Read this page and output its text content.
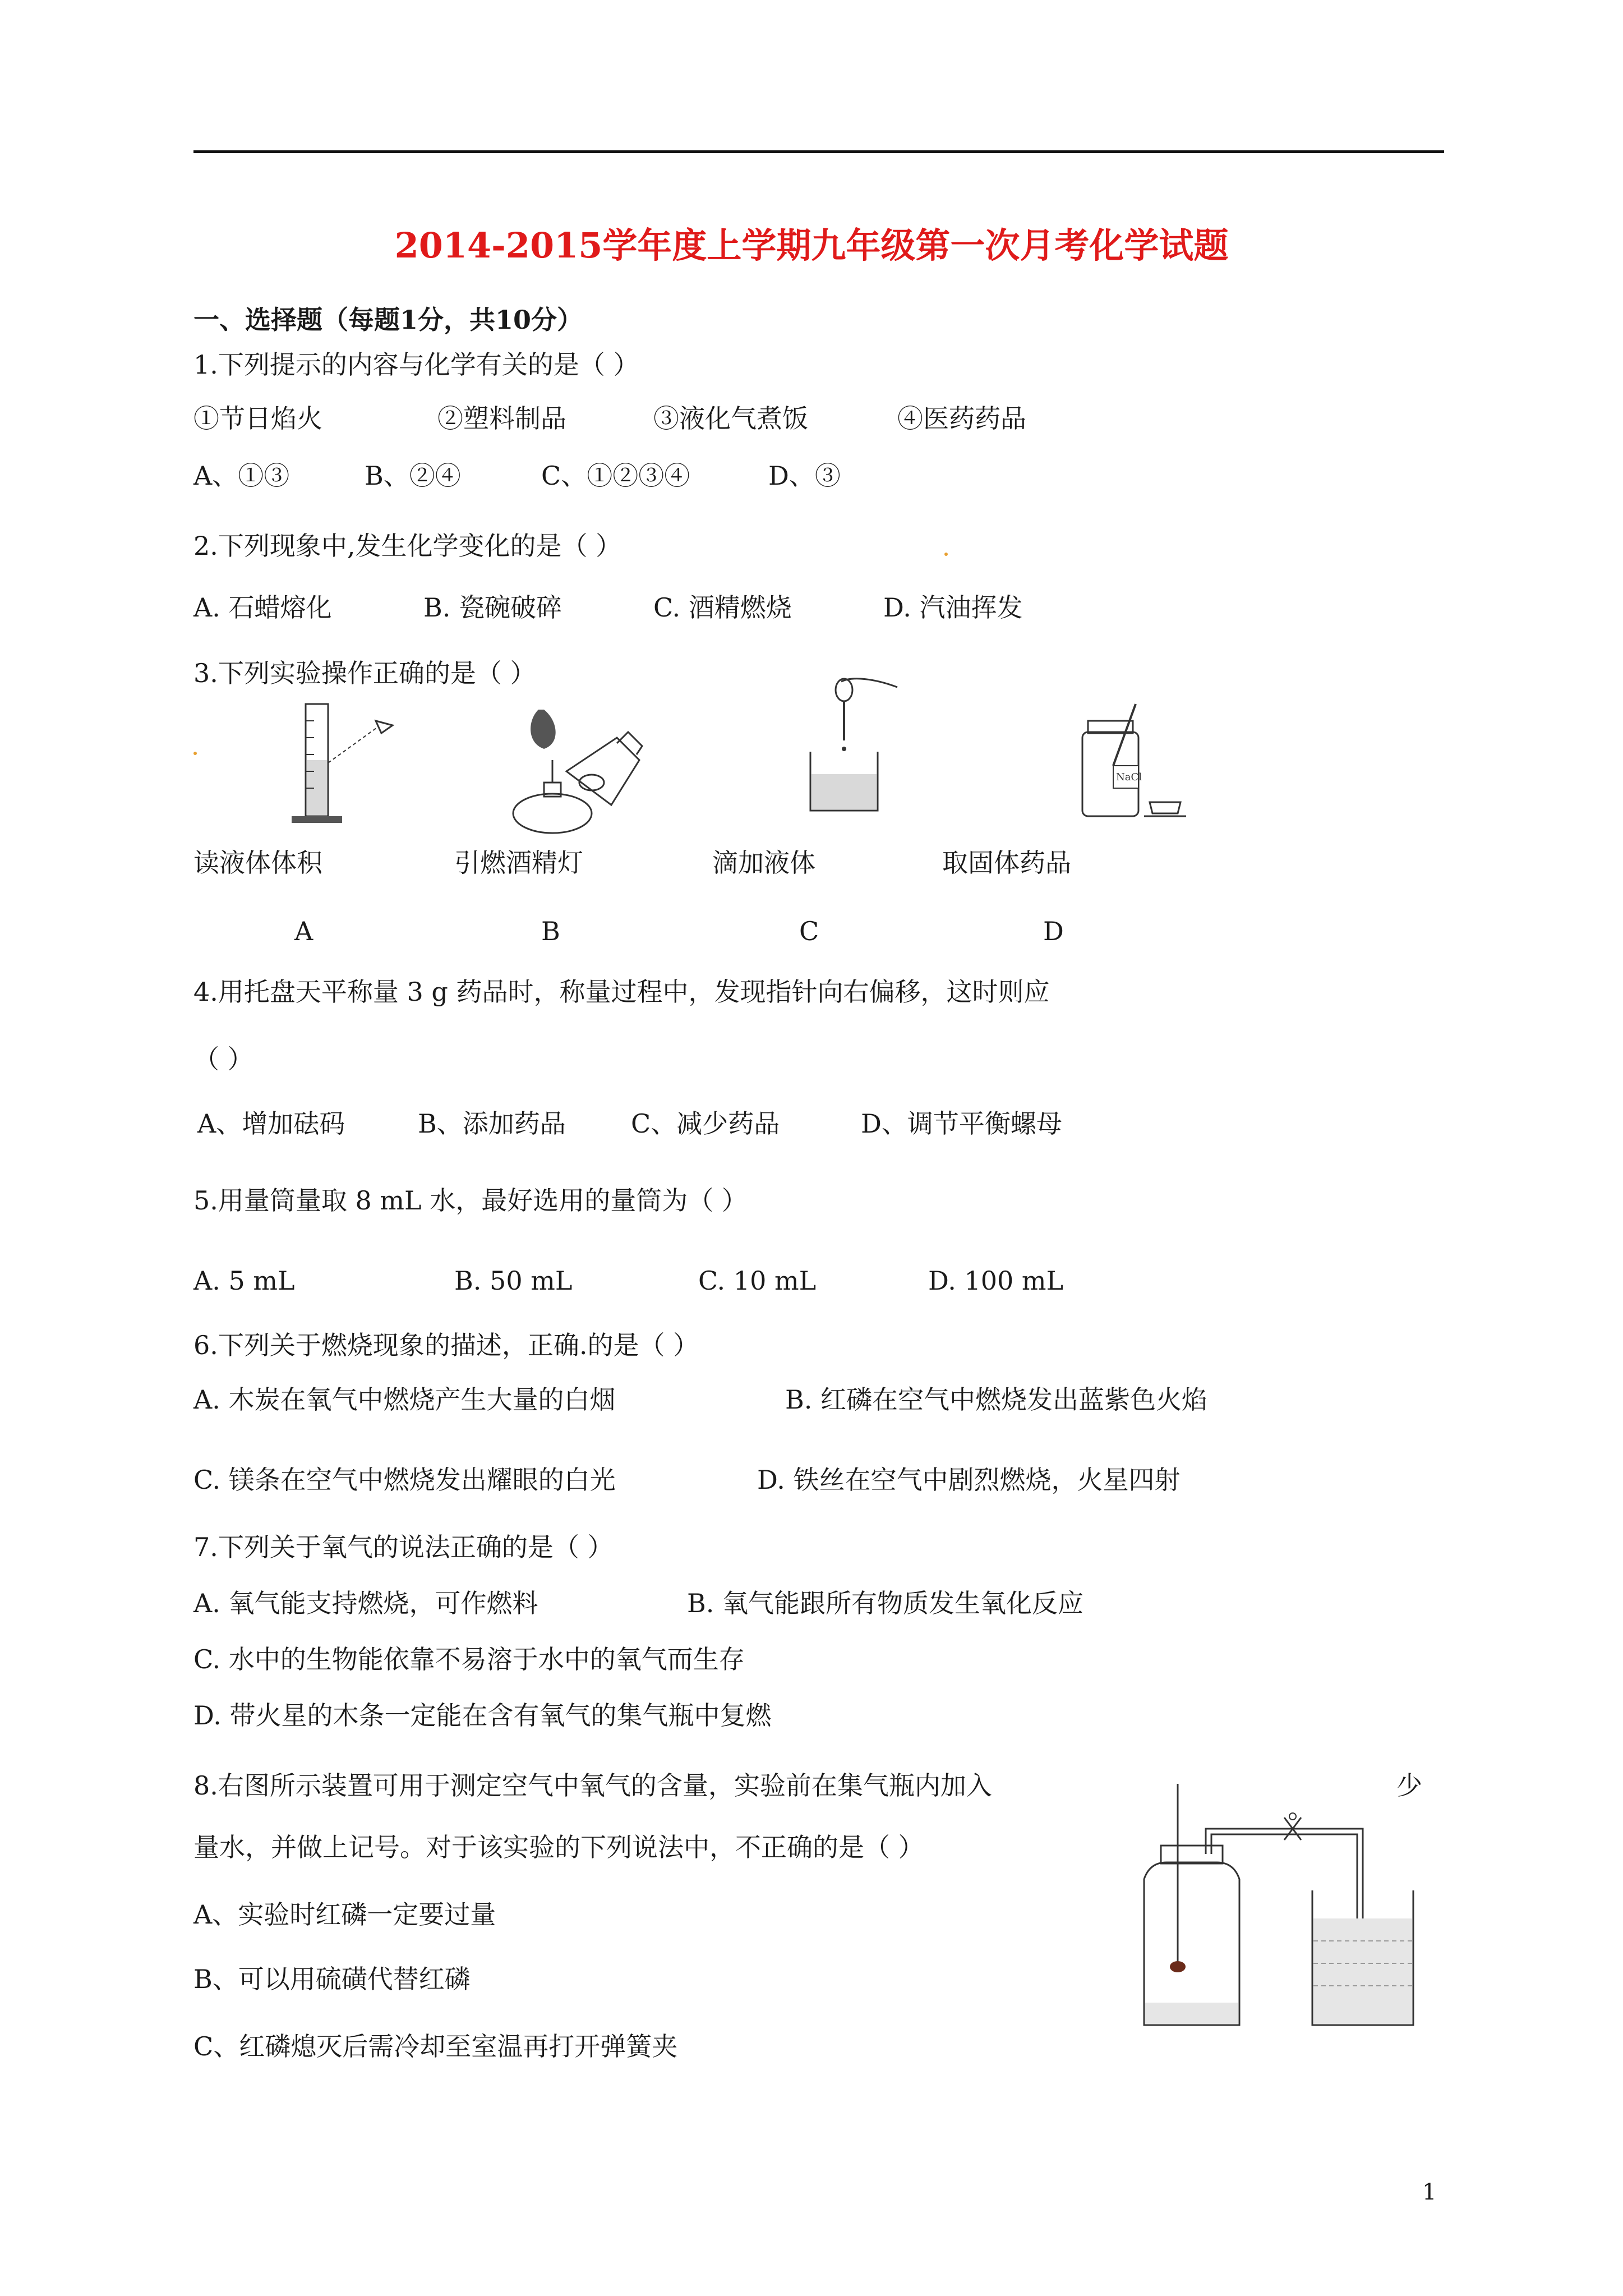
2014-2015学年度上学期九年级第一次月考化学试题
一、选择题（每题1分，共10分）
1.下列提示的内容与化学有关的是（ ）
①节日焰火	②塑料制品	③液化气煮饭	④医药药品
A、①③	B、②④	C、①②③④	D、③
2.下列现象中,发生化学变化的是（ ）
A. 石蜡熔化	B. 瓷碗破碎	C. 酒精燃烧	D. 汽油挥发
3.下列实验操作正确的是（ ）
NaCl
读液体体积	引燃酒精灯	滴加液体	取固体药品
A	B	C	D
4.用托盘天平称量 3 g 药品时，称量过程中，发现指针向右偏移，这时则应
（ ）
A、增加砝码	B、添加药品	C、减少药品	D、调节平衡螺母
5.用量筒量取 8 mL 水，最好选用的量筒为（ ）
A. 5 mL	B. 50 mL	C. 10 mL	D. 100 mL
6.下列关于燃烧现象的描述，正确.的是（ ）
A. 木炭在氧气中燃烧产生大量的白烟	B. 红磷在空气中燃烧发出蓝紫色火焰
C. 镁条在空气中燃烧发出耀眼的白光	D. 铁丝在空气中剧烈燃烧，火星四射
7.下列关于氧气的说法正确的是（ ）
A. 氧气能支持燃烧，可作燃料	B. 氧气能跟所有物质发生氧化反应
C. 水中的生物能依靠不易溶于水中的氧气而生存
D. 带火星的木条一定能在含有氧气的集气瓶中复燃
8.右图所示装置可用于测定空气中氧气的含量，实验前在集气瓶内加入	少
量水，并做上记号。对于该实验的下列说法中，不正确的是（ ）
A、实验时红磷一定要过量
B、可以用硫磺代替红磷
C、红磷熄灭后需冷却至室温再打开弹簧夹
1
